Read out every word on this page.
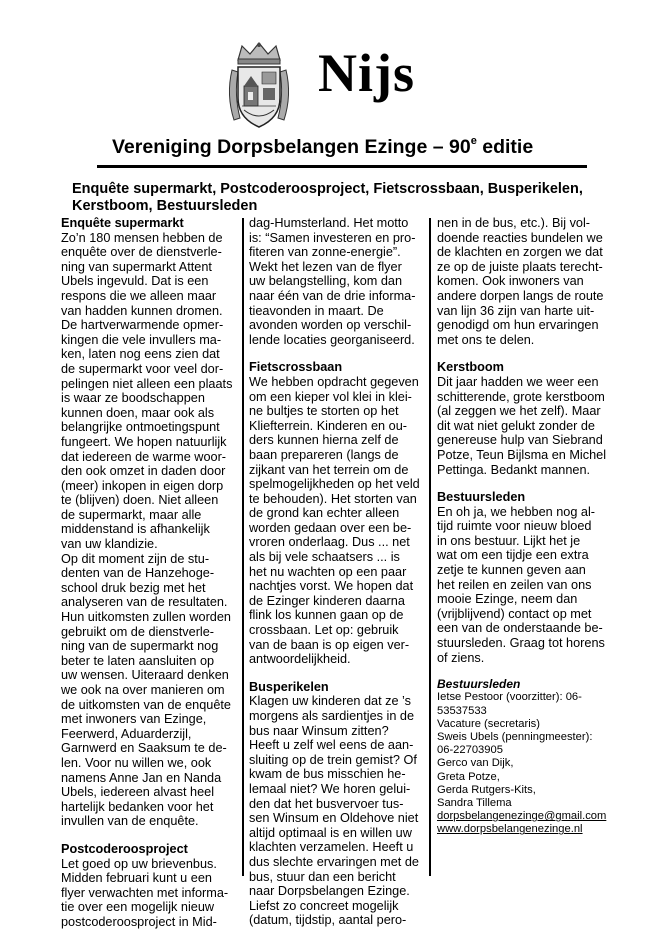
Nijs
Vereniging Dorpsbelangen Ezinge – 90e editie
Enquête supermarkt, Postcoderoosproject, Fietscrossbaan, Busperikelen,
Kerstboom, Bestuursleden
Enquête supermarkt
Zo’n 180 mensen hebben de
enquête over de dienstverle-
ning van supermarkt Attent
Ubels ingevuld. Dat is een
respons die we alleen maar
van hadden kunnen dromen.
De hartverwarmende opmer-
kingen die vele invullers ma-
ken, laten nog eens zien dat
de supermarkt voor veel dor-
pelingen niet alleen een plaats
is waar ze boodschappen
kunnen doen, maar ook als
belangrijke ontmoetingspunt
fungeert. We hopen natuurlijk
dat iedereen de warme woor-
den ook omzet in daden door
(meer) inkopen in eigen dorp
te (blijven) doen. Niet alleen
de supermarkt, maar alle
middenstand is afhankelijk
van uw klandizie.
Op dit moment zijn de stu-
denten van de Hanzehoge-
school druk bezig met het
analyseren van de resultaten.
Hun uitkomsten zullen worden
gebruikt om de dienstverle-
ning van de supermarkt nog
beter te laten aansluiten op
uw wensen. Uiteraard denken
we ook na over manieren om
de uitkomsten van de enquête
met inwoners van Ezinge,
Feerwerd, Aduarderzijl,
Garnwerd en Saaksum te de-
len. Voor nu willen we, ook
namens Anne Jan en Nanda
Ubels, iedereen alvast heel
hartelijk bedanken voor het
invullen van de enquête.
Postcoderoosproject
Let goed op uw brievenbus.
Midden februari kunt u een
flyer verwachten met informa-
tie over een mogelijk nieuw
postcoderoosproject in Mid-
dag-Humsterland. Het motto
is: “Samen investeren en pro-
fiteren van zonne-energie”.
Wekt het lezen van de flyer
uw belangstelling, kom dan
naar één van de drie informa-
tieavonden in maart. De
avonden worden op verschil-
lende locaties georganiseerd.
Fietscrossbaan
We hebben opdracht gegeven
om een kieper vol klei in klei-
ne bultjes te storten op het
Kliefterrein. Kinderen en ou-
ders kunnen hierna zelf de
baan prepareren (langs de
zijkant van het terrein om de
spelmogelijkheden op het veld
te behouden). Het storten van
de grond kan echter alleen
worden gedaan over een be-
vroren onderlaag. Dus ... net
als bij vele schaatsers ... is
het nu wachten op een paar
nachtjes vorst. We hopen dat
de Ezinger kinderen daarna
flink los kunnen gaan op de
crossbaan. Let op: gebruik
van de baan is op eigen ver-
antwoordelijkheid.
Busperikelen
Klagen uw kinderen dat ze ’s
morgens als sardientjes in de
bus naar Winsum zitten?
Heeft u zelf wel eens de aan-
sluiting op de trein gemist? Of
kwam de bus misschien he-
lemaal niet? We horen gelui-
den dat het busvervoer tus-
sen Winsum en Oldehove niet
altijd optimaal is en willen uw
klachten verzamelen. Heeft u
dus slechte ervaringen met de
bus, stuur dan een bericht
naar Dorpsbelangen Ezinge.
Liefst zo concreet mogelijk
(datum, tijdstip, aantal pero-
nen in de bus, etc.). Bij vol-
doende reacties bundelen we
de klachten en zorgen we dat
ze op de juiste plaats terecht-
komen. Ook inwoners van
andere dorpen langs de route
van lijn 36 zijn van harte uit-
genodigd om hun ervaringen
met ons te delen.
Kerstboom
Dit jaar hadden we weer een
schitterende, grote kerstboom
(al zeggen we het zelf). Maar
dit wat niet gelukt zonder de
genereuse hulp van Siebrand
Potze, Teun Bijlsma en Michel
Pettinga. Bedankt mannen.
Bestuursleden
En oh ja, we hebben nog al-
tijd ruimte voor nieuw bloed
in ons bestuur. Lijkt het je
wat om een tijdje een extra
zetje te kunnen geven aan
het reilen en zeilen van ons
mooie Ezinge, neem dan
(vrijblijvend) contact op met
een van de onderstaande be-
stuursleden. Graag tot horens
of ziens.
Bestuursleden
Ietse Pestoor (voorzitter): 06-
53537533
Vacature (secretaris)
Sweis Ubels (penningmeester):
06-22703905
Gerco van Dijk,
Greta Potze,
Gerda Rutgers-Kits,
Sandra Tillema
dorpsbelangenezinge@gmail.com
www.dorpsbelangenezinge.nl
